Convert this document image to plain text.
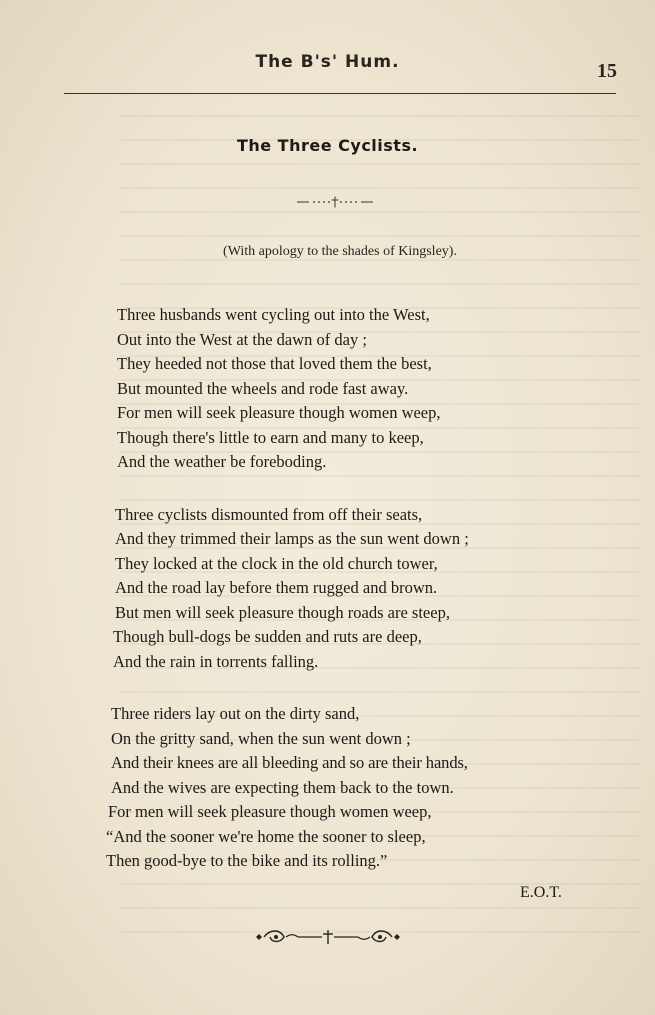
The B's' Hum.	15
The Three Cyclists.
(With apology to the shades of Kingsley).
Three husbands went cycling out into the West,
Out into the West at the dawn of day ;
They heeded not those that loved them the best,
But mounted the wheels and rode fast away.
For men will seek pleasure though women weep,
Though there's little to earn and many to keep,
And the weather be foreboding.
Three cyclists dismounted from off their seats,
And they trimmed their lamps as the sun went down ;
They locked at the clock in the old church tower,
And the road lay before them rugged and brown.
But men will seek pleasure though roads are steep,
Though bull-dogs be sudden and ruts are deep,
And the rain in torrents falling.
Three riders lay out on the dirty sand,
On the gritty sand, when the sun went down ;
And their knees are all bleeding and so are their hands,
And the wives are expecting them back to the town.
For men will seek pleasure though women weep,
“And the sooner we're home the sooner to sleep,
Then good-bye to the bike and its rolling.”
E.O.T.
